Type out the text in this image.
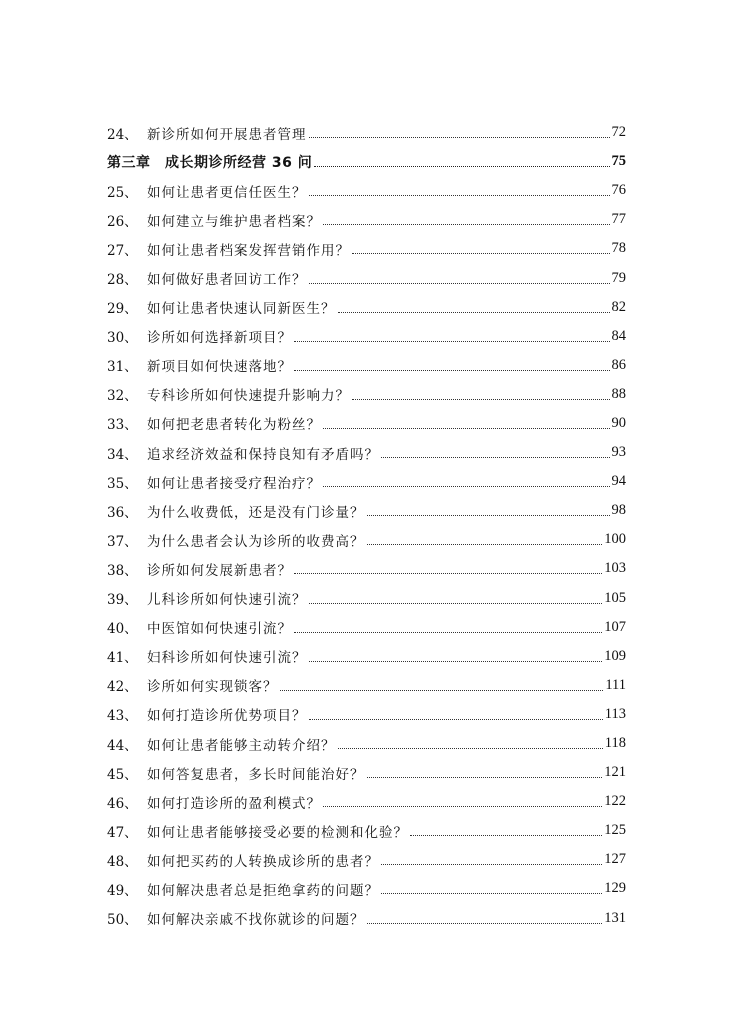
24、 新诊所如何开展患者管理	72
第三章　成长期诊所经营 36 问	75
25、 如何让患者更信任医生？	76
26、 如何建立与维护患者档案？	77
27、 如何让患者档案发挥营销作用？	78
28、 如何做好患者回访工作？	79
29、 如何让患者快速认同新医生？	82
30、 诊所如何选择新项目？	84
31、 新项目如何快速落地？	86
32、 专科诊所如何快速提升影响力？	88
33、 如何把老患者转化为粉丝？	90
34、 追求经济效益和保持良知有矛盾吗？	93
35、 如何让患者接受疗程治疗？	94
36、 为什么收费低，还是没有门诊量？	98
37、 为什么患者会认为诊所的收费高？	100
38、 诊所如何发展新患者？	103
39、 儿科诊所如何快速引流？	105
40、 中医馆如何快速引流？	107
41、 妇科诊所如何快速引流？	109
42、 诊所如何实现锁客？	111
43、 如何打造诊所优势项目？	113
44、 如何让患者能够主动转介绍？	118
45、 如何答复患者，多长时间能治好？	121
46、 如何打造诊所的盈利模式？	122
47、 如何让患者能够接受必要的检测和化验？	125
48、 如何把买药的人转换成诊所的患者？	127
49、 如何解决患者总是拒绝拿药的问题？	129
50、 如何解决亲戚不找你就诊的问题？	131
